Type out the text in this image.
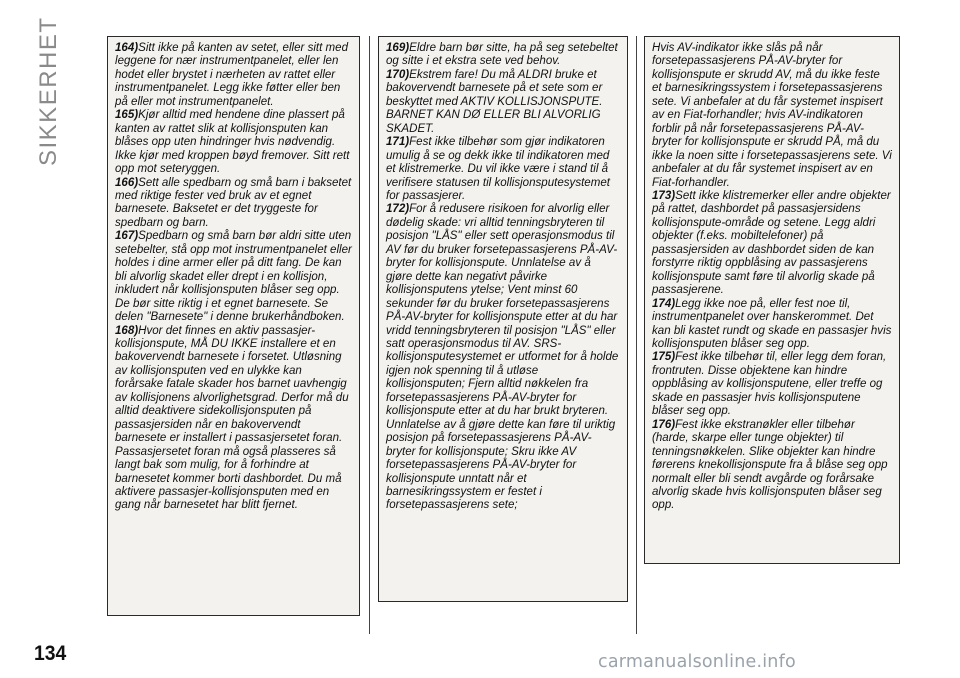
SIKKERHET	164)Sitt ikke på kanten av setet, eller sitt med leggene for nær instrumentpanelet, eller len hodet eller brystet i nærheten av rattet eller instrumentpanelet. Legg ikke føtter eller ben på eller mot instrumentpanelet.

165)Kjør alltid med hendene dine plassert på kanten av rattet slik at kollisjonsputen kan blåses opp uten hindringer hvis nødvendig. Ikke kjør med kroppen bøyd fremover. Sitt rett opp mot seteryggen.

166)Sett alle spedbarn og små barn i baksetet med riktige fester ved bruk av et egnet barnesete. Baksetet er det tryggeste for spedbarn og barn.

167)Spedbarn og små barn bør aldri sitte uten setebelter, stå opp mot instrumentpanelet eller holdes i dine armer eller på ditt fang. De kan bli alvorlig skadet eller drept i en kollisjon, inkludert når kollisjonsputen blåser seg opp. De bør sitte riktig i et egnet barnesete. Se delen "Barnesete" i denne brukerhåndboken.

168)Hvor det finnes en aktiv passasjer-kollisjonspute, MÅ DU IKKE installere et en bakovervendt barnesete i forsetet. Utløsning av kollisjonsputen ved en ulykke kan forårsake fatale skader hos barnet uavhengig av kollisjonens alvorlighetsgrad. Derfor må du alltid deaktivere sidekollisjonsputen på passasjersiden når en bakovervendt barnesete er installert i passasjersetet foran. Passasjersetet foran må også plasseres så langt bak som mulig, for å forhindre at barnesetet kommer borti dashbordet. Du må aktivere passasjer-kollisjonsputen med en gang når barnesetet har blitt fjernet.

169)Eldre barn bør sitte, ha på seg setebeltet og sitte i et ekstra sete ved behov.

170)Ekstrem fare! Du må ALDRI bruke et bakovervendt barnesete på et sete som er beskyttet med AKTIV KOLLISJONSPUTE. BARNET KAN DØ ELLER BLI ALVORLIG SKADET.

171)Fest ikke tilbehør som gjør indikatoren umulig å se og dekk ikke til indikatoren med et klistremerke. Du vil ikke være i stand til å verifisere statusen til kollisjonsputesystemet for passasjerer.

172)For å redusere risikoen for alvorlig eller dødelig skade: vri alltid tenningsbryteren til posisjon "LÅS" eller sett operasjonsmodus til AV før du bruker forsetepassasjerens PÅ-AV-bryter for kollisjonspute. Unnlatelse av å gjøre dette kan negativt påvirke kollisjonsputens ytelse; Vent minst 60 sekunder før du bruker forsetepassasjerens PÅ-AV-bryter for kollisjonspute etter at du har vridd tenningsbryteren til posisjon "LÅS" eller satt operasjonsmodus til AV. SRS-kollisjonsputesystemet er utformet for å holde igjen nok spenning til å utløse kollisjonsputen; Fjern alltid nøkkelen fra forsetepassasjerens PÅ-AV-bryter for kollisjonspute etter at du har brukt bryteren. Unnlatelse av å gjøre dette kan føre til uriktig posisjon på forsetepassasjerens PÅ-AV-bryter for kollisjonspute; Skru ikke AV forsetepassasjerens PÅ-AV-bryter for kollisjonspute unntatt når et barnesikringssystem er festet i forsetepassasjerens sete;

Hvis AV-indikator ikke slås på når forsetepassasjerens PÅ-AV-bryter for kollisjonspute er skrudd AV, må du ikke feste et barnesikringssystem i forsetepassasjerens sete. Vi anbefaler at du får systemet inspisert av en Fiat-forhandler; hvis AV-indikatoren forblir på når forsetepassasjerens PÅ-AV-bryter for kollisjonspute er skrudd PÅ, må du ikke la noen sitte i forsetepassasjerens sete. Vi anbefaler at du får systemet inspisert av en Fiat-forhandler.

173)Sett ikke klistremerker eller andre objekter på rattet, dashbordet på passasjersidens kollisjonspute-område og setene. Legg aldri objekter (f.eks. mobiltelefoner) på passasjersiden av dashbordet siden de kan forstyrre riktig oppblåsing av passasjerens kollisjonspute samt føre til alvorlig skade på passasjerene.

174)Legg ikke noe på, eller fest noe til, instrumentpanelet over hanskerommet. Det kan bli kastet rundt og skade en passasjer hvis kollisjonsputen blåser seg opp.

175)Fest ikke tilbehør til, eller legg dem foran, frontruten. Disse objektene kan hindre oppblåsing av kollisjonsputene, eller treffe og skade en passasjer hvis kollisjonsputene blåser seg opp.

176)Fest ikke ekstranøkler eller tilbehør (harde, skarpe eller tunge objekter) til tenningsnøkkelen. Slike objekter kan hindre førerens knekollisjonspute fra å blåse seg opp normalt eller bli sendt avgårde og forårsake alvorlig skade hvis kollisjonsputen blåser seg opp.

134	carmanualsonline.info
